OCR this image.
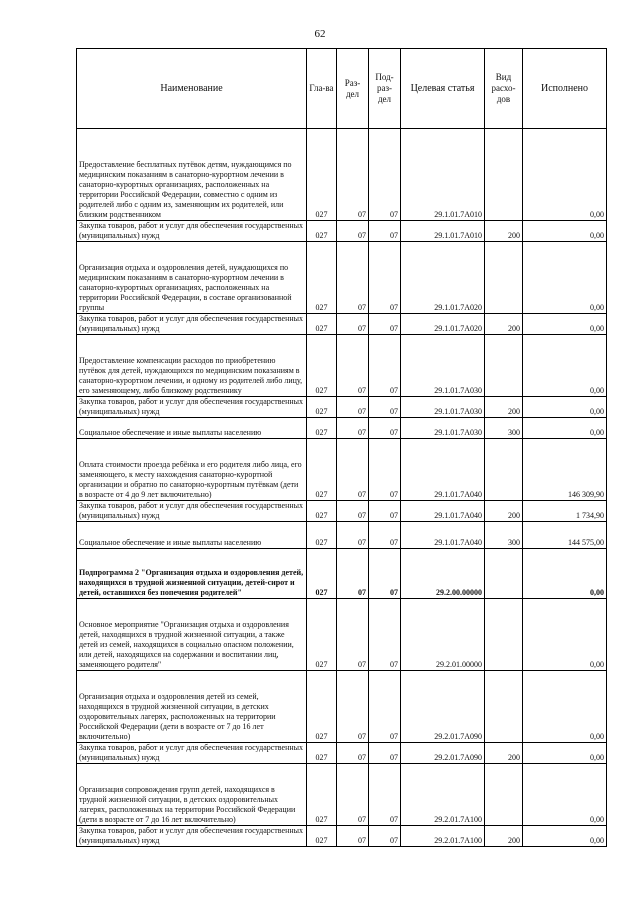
62
Наименование	Гла-ва	Раз-дел	Под-раз-дел	Целевая статья	Вид расхо-дов	Исполнено
Предоставление бесплатных путёвок детям, нуждающимся по медицинским показаниям в санаторно-курортном лечении в санаторно-курортных организациях, расположенных на территории Российской Федерации, совместно с одним из родителей либо с одним из, заменяющим их родителей, или близким родственником	027	07	07	29.1.01.7А010		0,00
Закупка товаров, работ и услуг для обеспечения государственных (муниципальных) нужд	027	07	07	29.1.01.7А010	200	0,00
Организация отдыха и оздоровления детей, нуждающихся по медицинским показаниям в санаторно-курортном лечении в санаторно-курортных организациях, расположенных на территории Российской Федерации, в составе организованной группы	027	07	07	29.1.01.7А020		0,00
Закупка товаров, работ и услуг для обеспечения государственных (муниципальных) нужд	027	07	07	29.1.01.7А020	200	0,00
Предоставление компенсации расходов по приобретению путёвок для детей, нуждающихся по медицинским показаниям в санаторно-курортном лечении, и одному из родителей либо лицу, его заменяющему, либо близкому родственнику	027	07	07	29.1.01.7А030		0,00
Закупка товаров, работ и услуг для обеспечения государственных (муниципальных) нужд	027	07	07	29.1.01.7А030	200	0,00
Социальное обеспечение и иные выплаты населению	027	07	07	29.1.01.7А030	300	0,00
Оплата стоимости проезда ребёнка и его родителя либо лица, его заменяющего, к месту нахождения санаторно-курортной организации и обратно по санаторно-курортным путёвкам (дети в возрасте от 4 до 9 лет включительно)	027	07	07	29.1.01.7А040		146 309,90
Закупка товаров, работ и услуг для обеспечения государственных (муниципальных) нужд	027	07	07	29.1.01.7А040	200	1 734,90
Социальное обеспечение и иные выплаты населению	027	07	07	29.1.01.7А040	300	144 575,00
Подпрограмма 2 "Организация отдыха и оздоровления детей, находящихся в трудной жизненной ситуации, детей-сирот и детей, оставшихся без попечения родителей"	027	07	07	29.2.00.00000		0,00
Основное мероприятие "Организация отдыха и оздоровления детей, находящихся в трудной жизненной ситуации, а также детей из семей, находящихся в социально опасном положении, или детей, находящихся на содержании и воспитании лиц, заменяющего родителя"	027	07	07	29.2.01.00000		0,00
Организация отдыха и оздоровления детей из семей, находящихся в трудной жизненной ситуации, в детских оздоровительных лагерях, расположенных на территории Российской Федерации (дети в возрасте от 7 до 16 лет включительно)	027	07	07	29.2.01.7А090		0,00
Закупка товаров, работ и услуг для обеспечения государственных (муниципальных) нужд	027	07	07	29.2.01.7А090	200	0,00
Организация сопровождения групп детей, находящихся в трудной жизненной ситуации, в детских оздоровительных лагерях, расположенных на территории Российской Федерации (дети в возрасте от 7 до 16 лет включительно)	027	07	07	29.2.01.7А100		0,00
Закупка товаров, работ и услуг для обеспечения государственных (муниципальных) нужд	027	07	07	29.2.01.7А100	200	0,00
